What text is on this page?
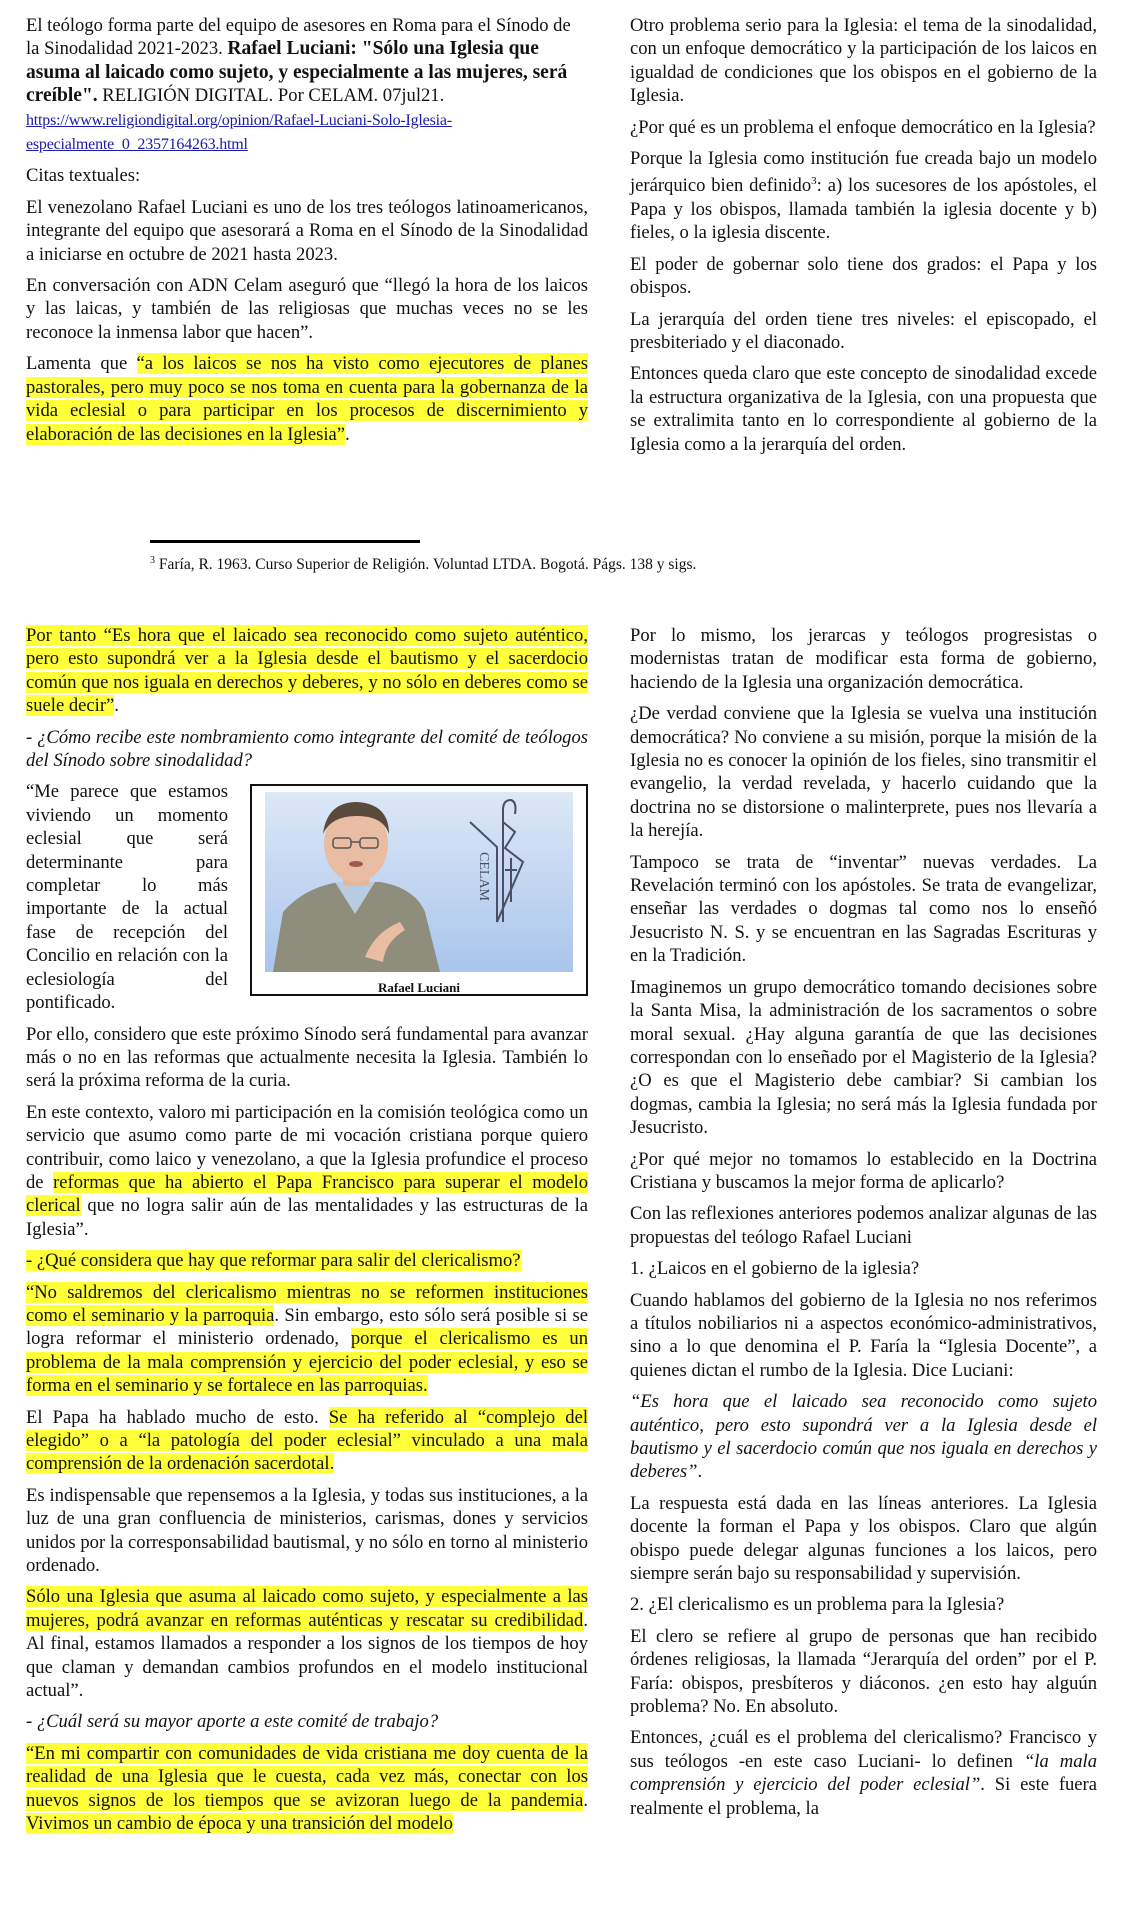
El teólogo forma parte del equipo de asesores en Roma para el Sínodo de la Sinodalidad 2021-2023. Rafael Luciani: "Sólo una Iglesia que asuma al laicado como sujeto, y especialmente a las mujeres, será creíble". RELIGIÓN DIGITAL. Por CELAM. 07jul21.
https://www.religiondigital.org/opinion/Rafael-Luciani-Solo-Iglesia-especialmente_0_2357164263.html

Citas textuales:

El venezolano Rafael Luciani es uno de los tres teólogos latinoamericanos, integrante del equipo que asesorará a Roma en el Sínodo de la Sinodalidad a iniciarse en octubre de 2021 hasta 2023.

En conversación con ADN Celam aseguró que “llegó la hora de los laicos y las laicas, y también de las religiosas que muchas veces no se les reconoce la inmensa labor que hacen”.

Lamenta que “a los laicos se nos ha visto como ejecutores de planes pastorales, pero muy poco se nos toma en cuenta para la gobernanza de la vida eclesial o para participar en los procesos de discernimiento y elaboración de las decisiones en la Iglesia”.

Otro problema serio para la Iglesia: el tema de la sinodalidad, con un enfoque democrático y la participación de los laicos en igualdad de condiciones que los obispos en el gobierno de la Iglesia.

¿Por qué es un problema el enfoque democrático en la Iglesia?

Porque la Iglesia como institución fue creada bajo un modelo jerárquico bien definido$^3$: a) los sucesores de los apóstoles, el Papa y los obispos, llamada también la iglesia docente y b) fieles, o la iglesia discente.

El poder de gobernar solo tiene dos grados: el Papa y los obispos.

La jerarquía del orden tiene tres niveles: el episcopado, el presbiteriado y el diaconado.

Entonces queda claro que este concepto de sinodalidad excede la estructura organizativa de la Iglesia, con una propuesta que se extralimita tanto en lo correspondiente al gobierno de la Iglesia como a la jerarquía del orden.

$^3$ Faría, R. 1963. Curso Superior de Religión. Voluntad LTDA. Bogotá. Págs. 138 y sigs.

Por tanto “Es hora que el laicado sea reconocido como sujeto auténtico, pero esto supondrá ver a la Iglesia desde el bautismo y el sacerdocio común que nos iguala en derechos y deberes, y no sólo en deberes como se suele decir”.

- ¿Cómo recibe este nombramiento como integrante del comité de teólogos del Sínodo sobre sinodalidad?

“Me parece que estamos viviendo un momento eclesial que será determinante para completar lo más importante de la actual fase de recepción del Concilio en relación con la eclesiología del pontificado.
CELAM
Rafael Luciani

Por ello, considero que este próximo Sínodo será fundamental para avanzar más o no en las reformas que actualmente necesita la Iglesia. También lo será la próxima reforma de la curia.

En este contexto, valoro mi participación en la comisión teológica como un servicio que asumo como parte de mi vocación cristiana porque quiero contribuir, como laico y venezolano, a que la Iglesia profundice el proceso de reformas que ha abierto el Papa Francisco para superar el modelo clerical que no logra salir aún de las mentalidades y las estructuras de la Iglesia”.

- ¿Qué considera que hay que reformar para salir del clericalismo?

“No saldremos del clericalismo mientras no se reformen instituciones como el seminario y la parroquia. Sin embargo, esto sólo será posible si se logra reformar el ministerio ordenado, porque el clericalismo es un problema de la mala comprensión y ejercicio del poder eclesial, y eso se forma en el seminario y se fortalece en las parroquias.

El Papa ha hablado mucho de esto. Se ha referido al “complejo del elegido” o a “la patología del poder eclesial” vinculado a una mala comprensión de la ordenación sacerdotal.

Es indispensable que repensemos a la Iglesia, y todas sus instituciones, a la luz de una gran confluencia de ministerios, carismas, dones y servicios unidos por la corresponsabilidad bautismal, y no sólo en torno al ministerio ordenado.

Sólo una Iglesia que asuma al laicado como sujeto, y especialmente a las mujeres, podrá avanzar en reformas auténticas y rescatar su credibilidad. Al final, estamos llamados a responder a los signos de los tiempos de hoy que claman y demandan cambios profundos en el modelo institucional actual”.

- ¿Cuál será su mayor aporte a este comité de trabajo?

“En mi compartir con comunidades de vida cristiana me doy cuenta de la realidad de una Iglesia que le cuesta, cada vez más, conectar con los nuevos signos de los tiempos que se avizoran luego de la pandemia. Vivimos un cambio de época y una transición del modelo

Por lo mismo, los jerarcas y teólogos progresistas o modernistas tratan de modificar esta forma de gobierno, haciendo de la Iglesia una organización democrática.

¿De verdad conviene que la Iglesia se vuelva una institución democrática? No conviene a su misión, porque la misión de la Iglesia no es conocer la opinión de los fieles, sino transmitir el evangelio, la verdad revelada, y hacerlo cuidando que la doctrina no se distorsione o malinterprete, pues nos llevaría a la herejía.

Tampoco se trata de “inventar” nuevas verdades. La Revelación terminó con los apóstoles. Se trata de evangelizar, enseñar las verdades o dogmas tal como nos lo enseñó Jesucristo N. S. y se encuentran en las Sagradas Escrituras y en la Tradición.

Imaginemos un grupo democrático tomando decisiones sobre la Santa Misa, la administración de los sacramentos o sobre moral sexual. ¿Hay alguna garantía de que las decisiones correspondan con lo enseñado por el Magisterio de la Iglesia? ¿O es que el Magisterio debe cambiar? Si cambian los dogmas, cambia la Iglesia; no será más la Iglesia fundada por Jesucristo.

¿Por qué mejor no tomamos lo establecido en la Doctrina Cristiana y buscamos la mejor forma de aplicarlo?

Con las reflexiones anteriores podemos analizar algunas de las propuestas del teólogo Rafael Luciani

1. ¿Laicos en el gobierno de la iglesia?

Cuando hablamos del gobierno de la Iglesia no nos referimos a títulos nobiliarios ni a aspectos económico-administrativos, sino a lo que denomina el P. Faría la “Iglesia Docente”, a quienes dictan el rumbo de la Iglesia. Dice Luciani:

“Es hora que el laicado sea reconocido como sujeto auténtico, pero esto supondrá ver a la Iglesia desde el bautismo y el sacerdocio común que nos iguala en derechos y deberes”.

La respuesta está dada en las líneas anteriores. La Iglesia docente la forman el Papa y los obispos. Claro que algún obispo puede delegar algunas funciones a los laicos, pero siempre serán bajo su responsabilidad y supervisión.

2. ¿El clericalismo es un problema para la Iglesia?

El clero se refiere al grupo de personas que han recibido órdenes religiosas, la llamada “Jerarquía del orden” por el P. Faría: obispos, presbíteros y diáconos. ¿en esto hay alguún problema? No. En absoluto.

Entonces, ¿cuál es el problema del clericalismo? Francisco y sus teólogos -en este caso Luciani- lo definen “la mala comprensión y ejercicio del poder eclesial”. Si este fuera realmente el problema, la
